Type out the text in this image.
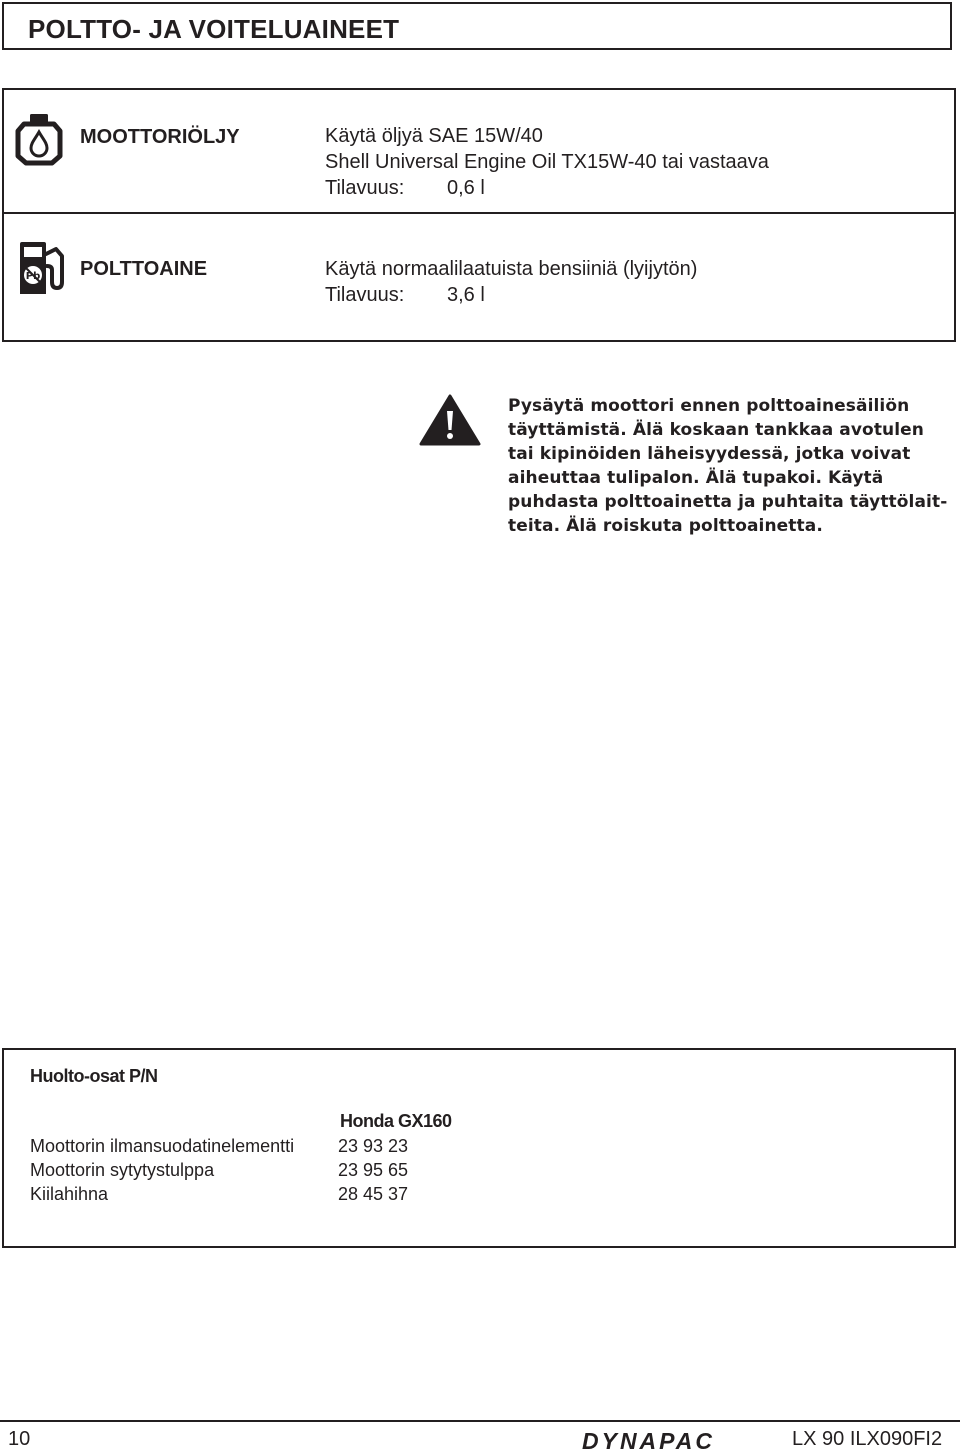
POLTTO- JA VOITELUAINEET
MOOTTORIÖLJY	Käytä öljyä SAE 15W/40
Shell Universal Engine Oil TX15W-40 tai vastaava
Tilavuus: 0,6 l
Pb POLTTOAINE	Käytä normaalilaatuista bensiiniä (lyijytön)
Tilavuus: 3,6 l
Pysäytä moottori ennen polttoainesäiliön
täyttämistä. Älä koskaan tankkaa avotulen
tai kipinöiden läheisyydessä, jotka voivat
aiheuttaa tulipalon. Älä tupakoi. Käytä
puhdasta polttoainetta ja puhtaita täyttölait-
teita. Älä roiskuta polttoainetta.
Huolto-osat P/N
Honda GX160
Moottorin ilmansuodatinelementti 23 93 23
Moottorin sytytystulppa	23 95 65
Kiilahihna	28 45 37
10	DYNAPAC	LX 90 ILX090FI2
